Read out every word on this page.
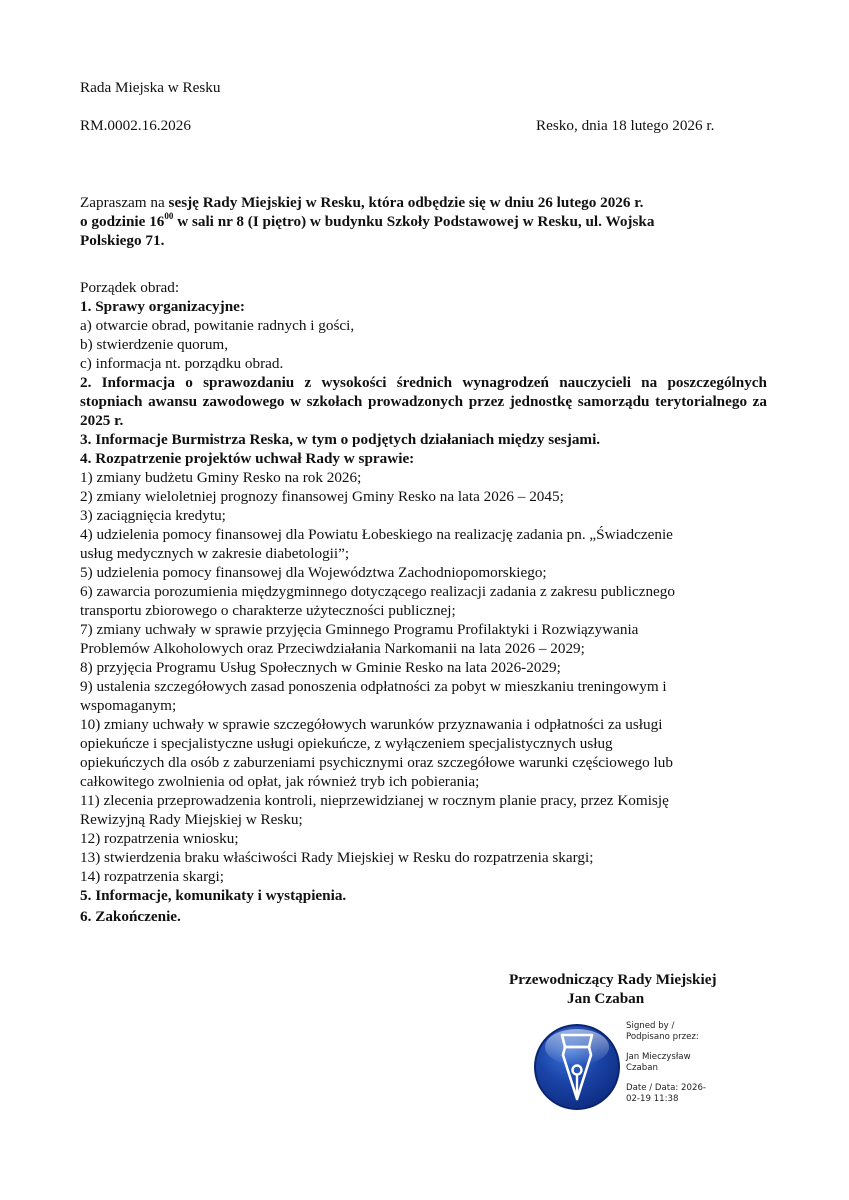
Rada Miejska w Resku
RM.0002.16.2026	Resko, dnia 18 lutego 2026 r.
Zapraszam na sesję Rady Miejskiej w Resku, która odbędzie się w dniu 26 lutego 2026 r.
o godzinie $16^{00}$ w sali nr 8 (I piętro) w budynku Szkoły Podstawowej w Resku, ul. Wojska
Polskiego 71.
Porządek obrad:
1. Sprawy organizacyjne:
a) otwarcie obrad, powitanie radnych i gości,
b) stwierdzenie quorum,
c) informacja nt. porządku obrad.
2. Informacja o sprawozdaniu z wysokości średnich wynagrodzeń nauczycieli na poszczególnych stopniach awansu zawodowego w szkołach prowadzonych przez jednostkę samorządu terytorialnego za 2025 r.
3. Informacje Burmistrza Reska, w tym o podjętych działaniach między sesjami.
4. Rozpatrzenie projektów uchwał Rady w sprawie:
1) zmiany budżetu Gminy Resko na rok 2026;
2) zmiany wieloletniej prognozy finansowej Gminy Resko na lata 2026 – 2045;
3) zaciągnięcia kredytu;
4) udzielenia pomocy finansowej dla Powiatu Łobeskiego na realizację zadania pn. „Świadczenie
usług medycznych w zakresie diabetologii”;
5) udzielenia pomocy finansowej dla Województwa Zachodniopomorskiego;
6) zawarcia porozumienia międzygminnego dotyczącego realizacji zadania z zakresu publicznego
transportu zbiorowego o charakterze użyteczności publicznej;
7) zmiany uchwały w sprawie przyjęcia Gminnego Programu Profilaktyki i Rozwiązywania
Problemów Alkoholowych oraz Przeciwdziałania Narkomanii na lata 2026 – 2029;
8) przyjęcia Programu Usług Społecznych w Gminie Resko na lata 2026-2029;
9) ustalenia szczegółowych zasad ponoszenia odpłatności za pobyt w mieszkaniu treningowym i
wspomaganym;
10) zmiany uchwały w sprawie szczegółowych warunków przyznawania i odpłatności za usługi
opiekuńcze i specjalistyczne usługi opiekuńcze, z wyłączeniem specjalistycznych usług
opiekuńczych dla osób z zaburzeniami psychicznymi oraz szczegółowe warunki częściowego lub
całkowitego zwolnienia od opłat, jak również tryb ich pobierania;
11) zlecenia przeprowadzenia kontroli, nieprzewidzianej w rocznym planie pracy, przez Komisję
Rewizyjną Rady Miejskiej w Resku;
12) rozpatrzenia wniosku;
13) stwierdzenia braku właściwości Rady Miejskiej w Resku do rozpatrzenia skargi;
14) rozpatrzenia skargi;
5. Informacje, komunikaty i wystąpienia.
6. Zakończenie.
Przewodniczący Rady Miejskiej
Jan Czaban
Signed by /
Podpisano przez:
Jan Mieczysław
Czaban
Date / Data: 2026-
02-19 11:38
